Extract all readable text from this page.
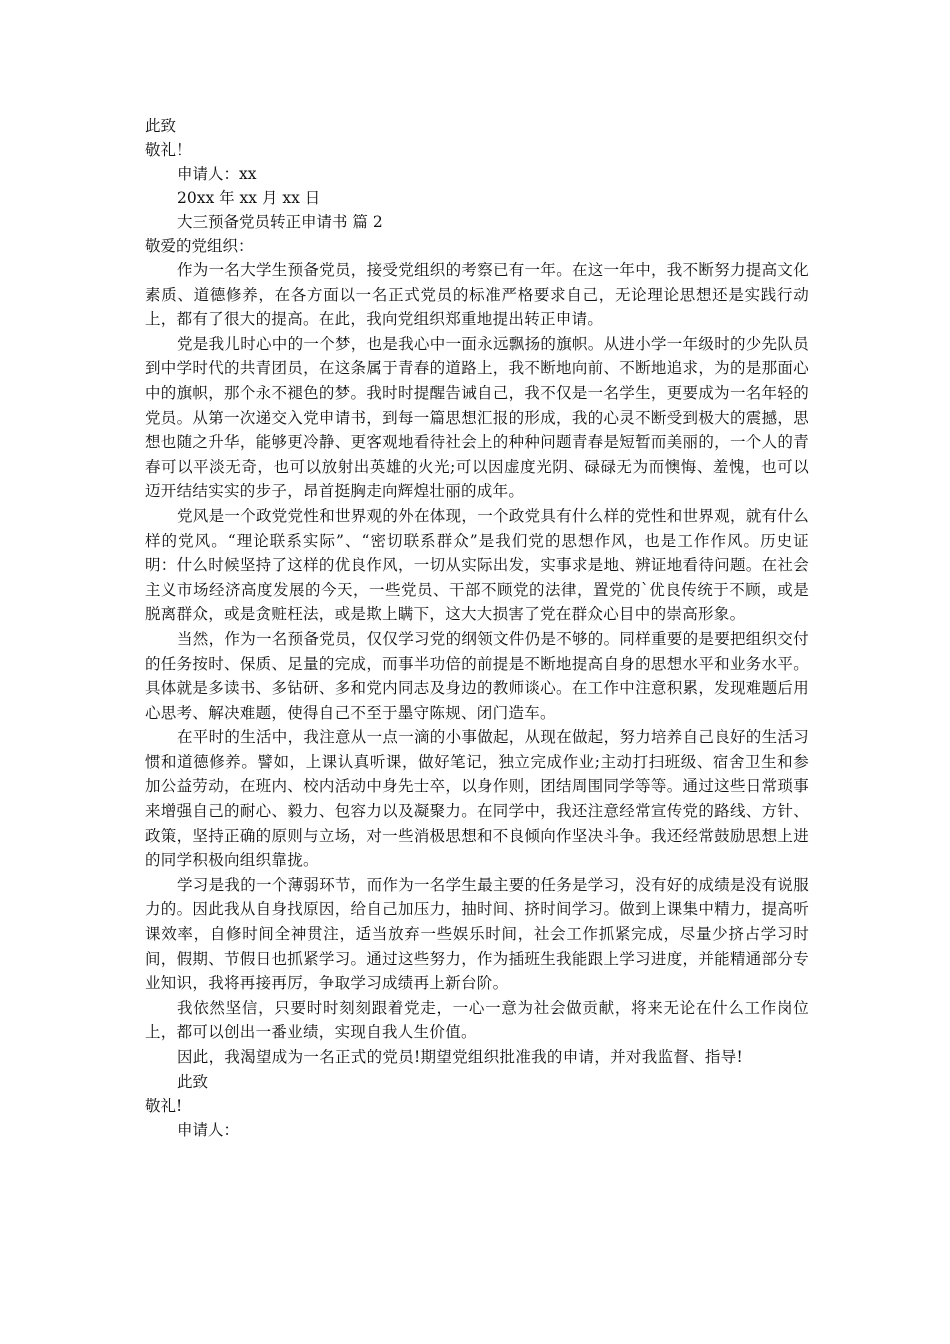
此致
敬礼！
申请人：xx
20xx 年 xx 月 xx 日
大三预备党员转正申请书 篇 2
敬爱的党组织：

作为一名大学生预备党员，接受党组织的考察已有一年。在这一年中，我不断努力提高文化素质、道德修养，在各方面以一名正式党员的标准严格要求自己，无论理论思想还是实践行动上，都有了很大的提高。在此，我向党组织郑重地提出转正申请。

党是我儿时心中的一个梦，也是我心中一面永远飘扬的旗帜。从进小学一年级时的少先队员到中学时代的共青团员，在这条属于青春的道路上，我不断地向前、不断地追求，为的是那面心中的旗帜，那个永不褪色的梦。我时时提醒告诫自己，我不仅是一名学生，更要成为一名年轻的党员。从第一次递交入党申请书，到每一篇思想汇报的形成，我的心灵不断受到极大的震撼，思想也随之升华，能够更冷静、更客观地看待社会上的种种问题青春是短暂而美丽的，一个人的青春可以平淡无奇，也可以放射出英雄的火光;可以因虚度光阴、碌碌无为而懊悔、羞愧，也可以迈开结结实实的步子，昂首挺胸走向辉煌壮丽的成年。

党风是一个政党党性和世界观的外在体现，一个政党具有什么样的党性和世界观，就有什么样的党风。“理论联系实际”、“密切联系群众”是我们党的思想作风，也是工作作风。历史证明：什么时候坚持了这样的优良作风，一切从实际出发，实事求是地、辨证地看待问题。在社会主义市场经济高度发展的今天，一些党员、干部不顾党的法律，置党的`优良传统于不顾，或是脱离群众，或是贪赃枉法，或是欺上瞒下，这大大损害了党在群众心目中的崇高形象。

当然，作为一名预备党员，仅仅学习党的纲领文件仍是不够的。同样重要的是要把组织交付的任务按时、保质、足量的完成，而事半功倍的前提是不断地提高自身的思想水平和业务水平。具体就是多读书、多钻研、多和党内同志及身边的教师谈心。在工作中注意积累，发现难题后用心思考、解决难题，使得自己不至于墨守陈规、闭门造车。

在平时的生活中，我注意从一点一滴的小事做起，从现在做起，努力培养自己良好的生活习惯和道德修养。譬如，上课认真听课，做好笔记，独立完成作业;主动打扫班级、宿舍卫生和参加公益劳动，在班内、校内活动中身先士卒，以身作则，团结周围同学等等。通过这些日常琐事来增强自己的耐心、毅力、包容力以及凝聚力。在同学中，我还注意经常宣传党的路线、方针、政策，坚持正确的原则与立场，对一些消极思想和不良倾向作坚决斗争。我还经常鼓励思想上进的同学积极向组织靠拢。

学习是我的一个薄弱环节，而作为一名学生最主要的任务是学习，没有好的成绩是没有说服力的。因此我从自身找原因，给自己加压力，抽时间、挤时间学习。做到上课集中精力，提高听课效率，自修时间全神贯注，适当放弃一些娱乐时间，社会工作抓紧完成，尽量少挤占学习时间，假期、节假日也抓紧学习。通过这些努力，作为插班生我能跟上学习进度，并能精通部分专业知识，我将再接再厉，争取学习成绩再上新台阶。

我依然坚信，只要时时刻刻跟着党走，一心一意为社会做贡献，将来无论在什么工作岗位上，都可以创出一番业绩，实现自我人生价值。

因此，我渴望成为一名正式的党员!期望党组织批准我的申请，并对我监督、指导!

此致
敬礼!
申请人：
